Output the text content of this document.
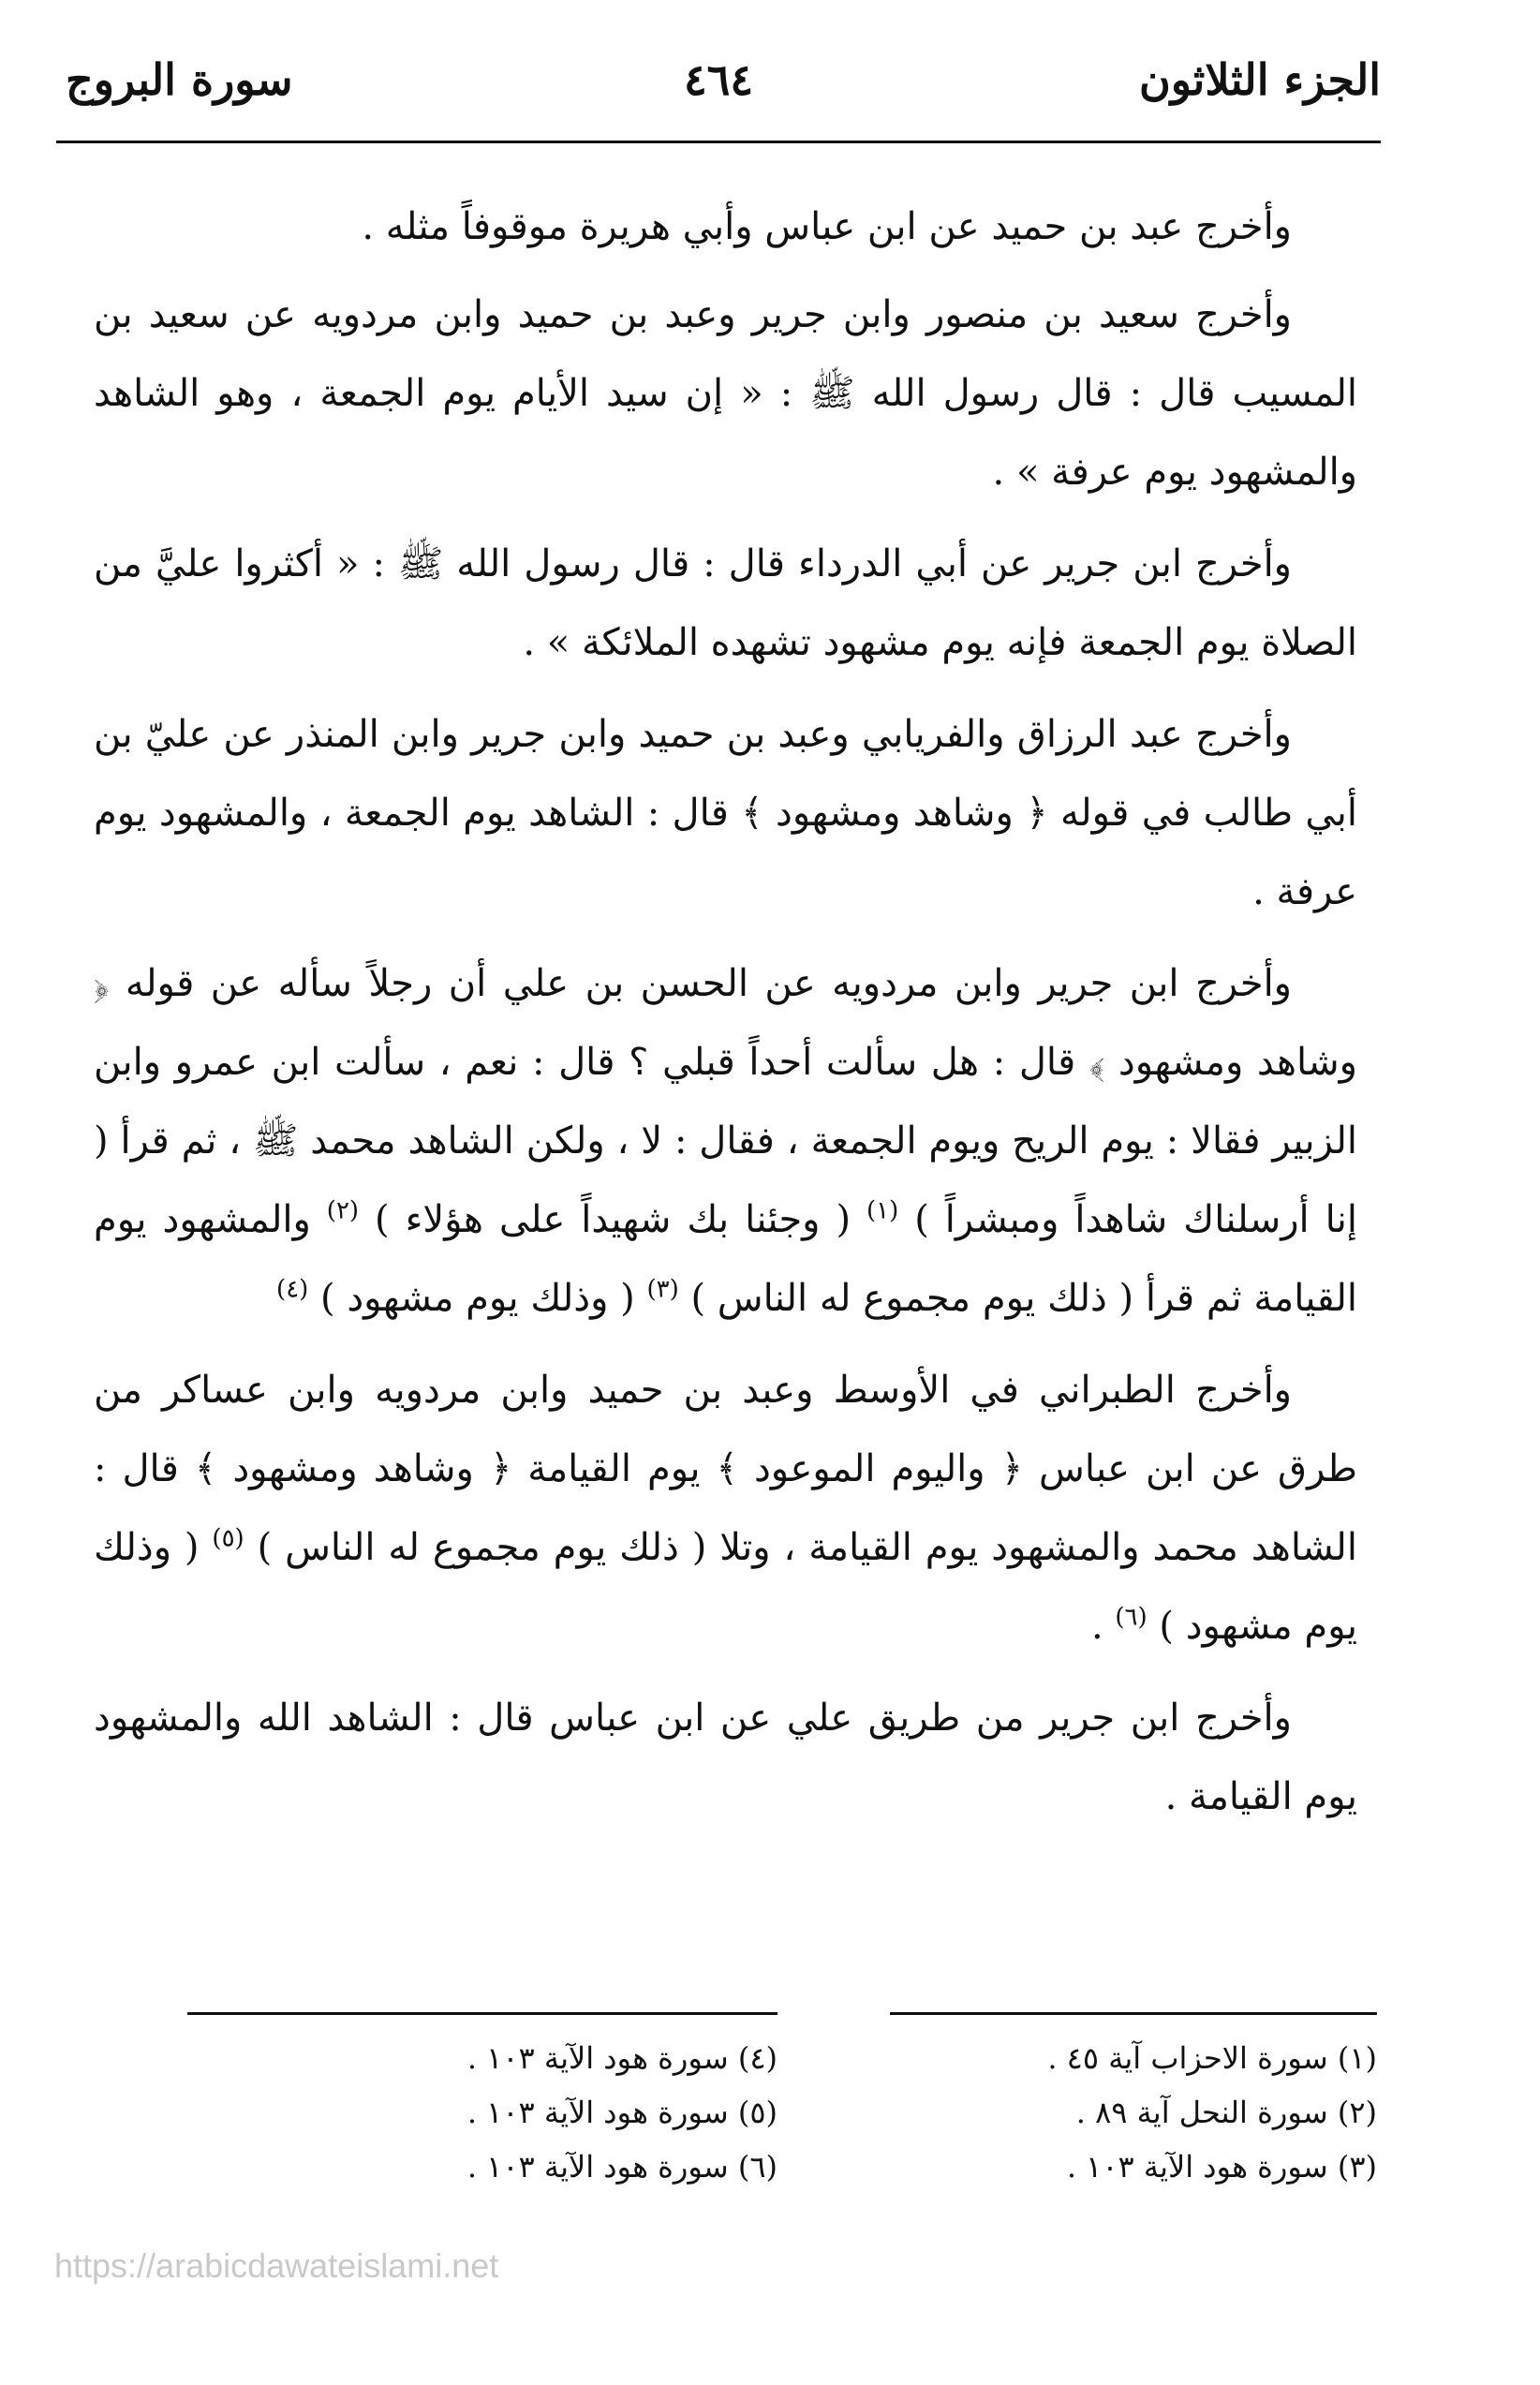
الجزء الثلاثون
٤٦٤
سورة البروج

وأخرج عبد بن حميد عن ابن عباس وأبي هريرة موقوفاً مثله .

وأخرج سعيد بن منصور وابن جرير وعبد بن حميد وابن مردويه عن سعيد بن المسيب قال : قال رسول الله ﷺ : « إن سيد الأيام يوم الجمعة ، وهو الشاهد والمشهود يوم عرفة » .

وأخرج ابن جرير عن أبي الدرداء قال : قال رسول الله ﷺ : « أكثروا عليَّ من الصلاة يوم الجمعة فإنه يوم مشهود تشهده الملائكة » .

وأخرج عبد الرزاق والفريابي وعبد بن حميد وابن جرير وابن المنذر عن عليّ بن أبي طالب في قوله ﴿ وشاهد ومشهود ﴾ قال : الشاهد يوم الجمعة ، والمشهود يوم عرفة .

وأخرج ابن جرير وابن مردويه عن الحسن بن علي أن رجلاً سأله عن قوله ﴿ وشاهد ومشهود ﴾ قال : هل سألت أحداً قبلي ؟ قال : نعم ، سألت ابن عمرو وابن الزبير فقالا : يوم الريح ويوم الجمعة ، فقال : لا ، ولكن الشاهد محمد ﷺ ، ثم قرأ ( إنا أرسلناك شاهداً ومبشراً ) $^{(١)}$ ( وجئنا بك شهيداً على هؤلاء ) $^{(٢)}$ والمشهود يوم القيامة ثم قرأ ( ذلك يوم مجموع له الناس ) $^{(٣)}$ ( وذلك يوم مشهود ) $^{(٤)}$

وأخرج الطبراني في الأوسط وعبد بن حميد وابن مردويه وابن عساكر من طرق عن ابن عباس ﴿ واليوم الموعود ﴾ يوم القيامة ﴿ وشاهد ومشهود ﴾ قال : الشاهد محمد والمشهود يوم القيامة ، وتلا ( ذلك يوم مجموع له الناس ) $^{(٥)}$ ( وذلك يوم مشهود ) $^{(٦)}$ .

وأخرج ابن جرير من طريق علي عن ابن عباس قال : الشاهد الله والمشهود يوم القيامة .

(١) سورة الاحزاب آية ٤٥ .
(٢) سورة النحل آية ٨٩ .
(٣) سورة هود الآية ١٠٣ .
(٤) سورة هود الآية ١٠٣ .
(٥) سورة هود الآية ١٠٣ .
(٦) سورة هود الآية ١٠٣ .
https://arabicdawateislami.net
